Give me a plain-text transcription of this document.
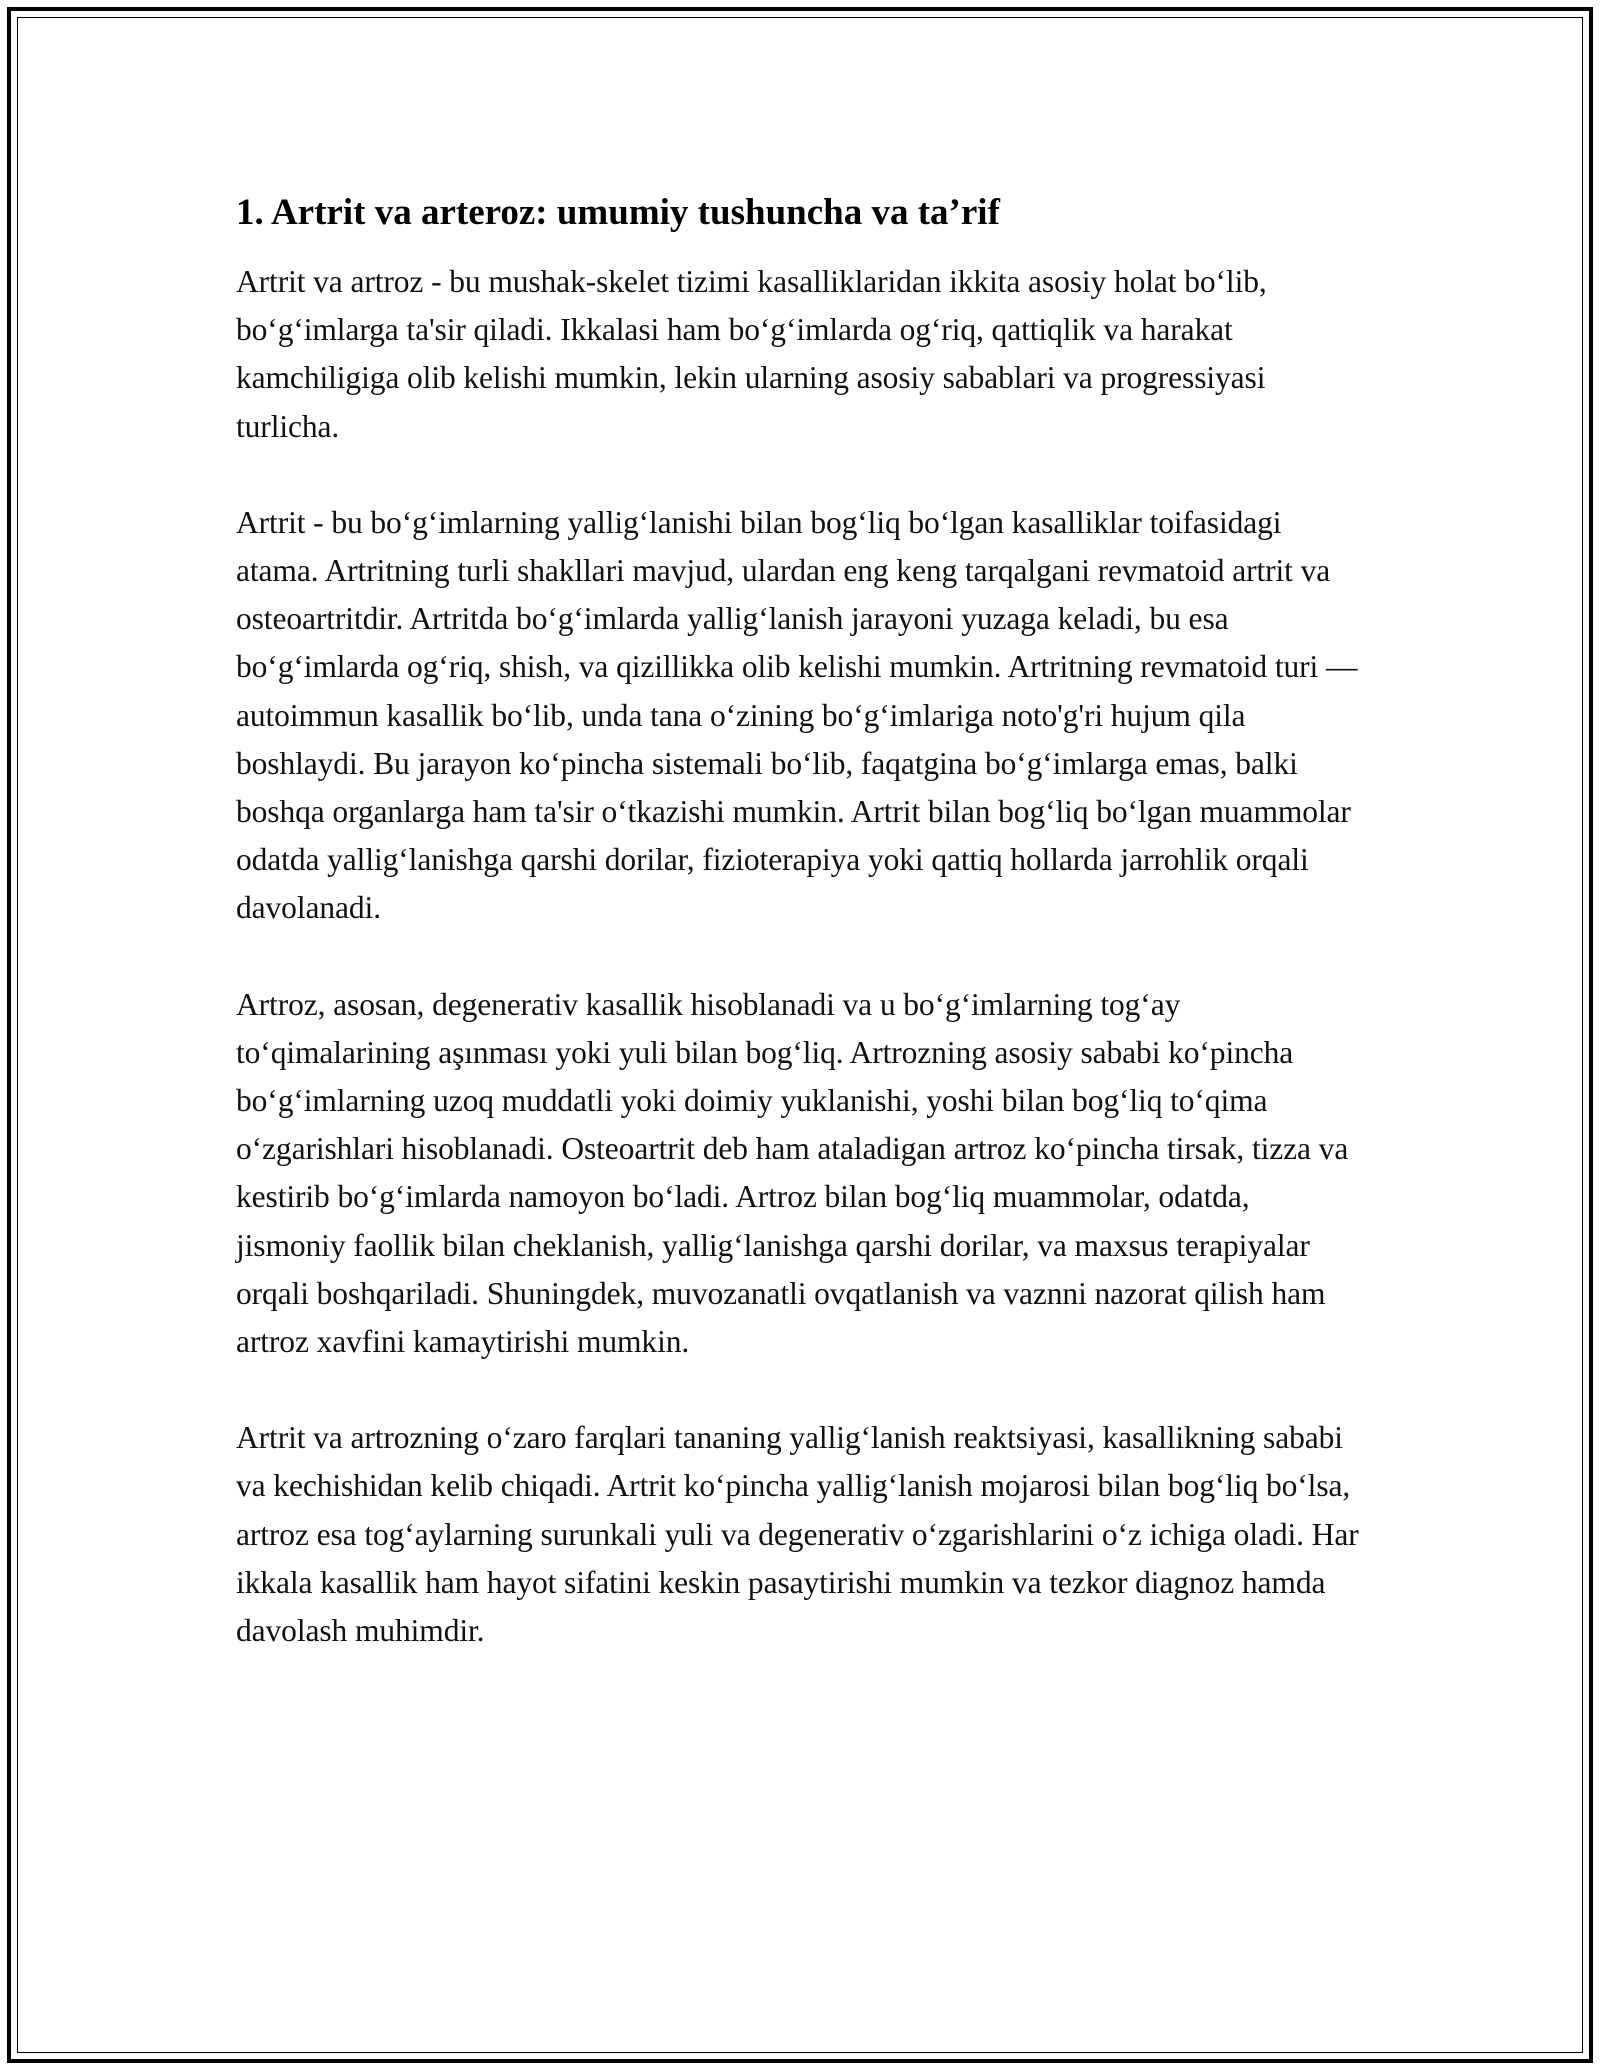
1. Artrit va arteroz: umumiy tushuncha va ta’rif

Artrit va artroz - bu mushak-skelet tizimi kasalliklaridan ikkita asosiy holat bo‘lib, bo‘g‘imlarga ta'sir qiladi. Ikkalasi ham bo‘g‘imlarda og‘riq, qattiqlik va harakat kamchiligiga olib kelishi mumkin, lekin ularning asosiy sabablari va progressiyasi turlicha.

Artrit - bu bo‘g‘imlarning yallig‘lanishi bilan bog‘liq bo‘lgan kasalliklar toifasidagi atama. Artritning turli shakllari mavjud, ulardan eng keng tarqalgani revmatoid artrit va osteoartritdir. Artritda bo‘g‘imlarda yallig‘lanish jarayoni yuzaga keladi, bu esa bo‘g‘imlarda og‘riq, shish, va qizillikka olib kelishi mumkin. Artritning revmatoid turi — autoimmun kasallik bo‘lib, unda tana o‘zining bo‘g‘imlariga noto'g'ri hujum qila boshlaydi. Bu jarayon ko‘pincha sistemali bo‘lib, faqatgina bo‘g‘imlarga emas, balki boshqa organlarga ham ta'sir o‘tkazishi mumkin. Artrit bilan bog‘liq bo‘lgan muammolar odatda yallig‘lanishga qarshi dorilar, fizioterapiya yoki qattiq hollarda jarrohlik orqali davolanadi.

Artroz, asosan, degenerativ kasallik hisoblanadi va u bo‘g‘imlarning tog‘ay to‘qimalarining aşınması yoki yuli bilan bog‘liq. Artrozning asosiy sababi ko‘pincha bo‘g‘imlarning uzoq muddatli yoki doimiy yuklanishi, yoshi bilan bog‘liq to‘qima o‘zgarishlari hisoblanadi. Osteoartrit deb ham ataladigan artroz ko‘pincha tirsak, tizza va kestirib bo‘g‘imlarda namoyon bo‘ladi. Artroz bilan bog‘liq muammolar, odatda, jismoniy faollik bilan cheklanish, yallig‘lanishga qarshi dorilar, va maxsus terapiyalar orqali boshqariladi. Shuningdek, muvozanatli ovqatlanish va vaznni nazorat qilish ham artroz xavfini kamaytirishi mumkin.

Artrit va artrozning o‘zaro farqlari tananing yallig‘lanish reaktsiyasi, kasallikning sababi va kechishidan kelib chiqadi. Artrit ko‘pincha yallig‘lanish mojarosi bilan bog‘liq bo‘lsa, artroz esa tog‘aylarning surunkali yuli va degenerativ o‘zgarishlarini o‘z ichiga oladi. Har ikkala kasallik ham hayot sifatini keskin pasaytirishi mumkin va tezkor diagnoz hamda davolash muhimdir.
